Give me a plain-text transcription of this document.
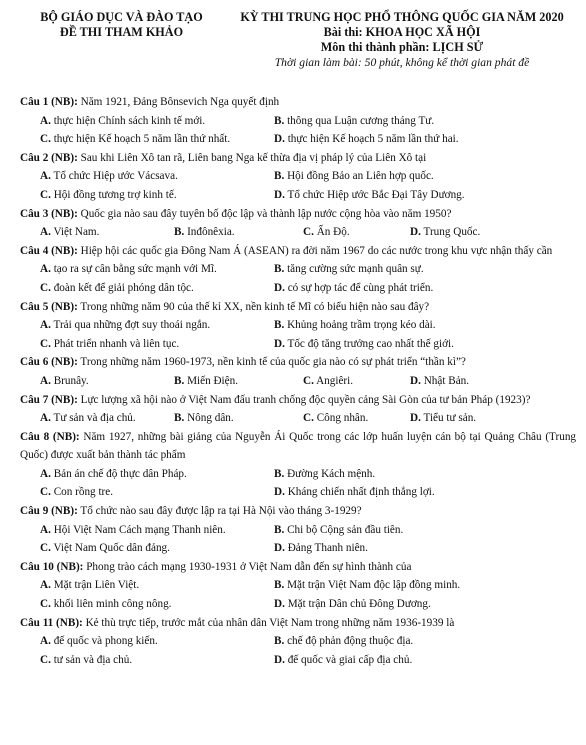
BỘ GIÁO DỤC VÀ ĐÀO TẠO
ĐỀ THI THAM KHẢO
KỲ THI TRUNG HỌC PHỔ THÔNG QUỐC GIA NĂM 2020
Bài thi: KHOA HỌC XÃ HỘI
Môn thi thành phần: LỊCH SỬ
Thời gian làm bài: 50 phút, không kể thời gian phát đề
Câu 1 (NB): Năm 1921, Đảng Bônsevich Nga quyết định
A. thực hiện Chính sách kinh tế mới.	B. thông qua Luận cương tháng Tư.
C. thực hiện Kế hoạch 5 năm lần thứ nhất.	D. thực hiện Kế hoạch 5 năm lần thứ hai.
Câu 2 (NB): Sau khi Liên Xô tan rã, Liên bang Nga kế thừa địa vị pháp lý của Liên Xô tại
A. Tổ chức Hiệp ước Vácsava.	B. Hội đồng Bảo an Liên hợp quốc.
C. Hội đồng tương trợ kinh tế.	D. Tổ chức Hiệp ước Bắc Đại Tây Dương.
Câu 3 (NB): Quốc gia nào sau đây tuyên bố độc lập và thành lập nước cộng hòa vào năm 1950?
A. Việt Nam.	B. Inđônêxia.	C. Ấn Độ.	D. Trung Quốc.
Câu 4 (NB): Hiệp hội các quốc gia Đông Nam Á (ASEAN) ra đời năm 1967 do các nước trong khu vực nhận thấy cần
A. tạo ra sự cân bằng sức mạnh với Mĩ.	B. tăng cường sức mạnh quân sự.
C. đoàn kết để giải phóng dân tộc.	D. có sự hợp tác để cùng phát triển.
Câu 5 (NB): Trong những năm 90 của thế kỉ XX, nền kinh tế Mĩ có biểu hiện nào sau đây?
A. Trải qua những đợt suy thoái ngắn.	B. Khủng hoảng trầm trọng kéo dài.
C. Phát triển nhanh và liên tục.	D. Tốc độ tăng trưởng cao nhất thế giới.
Câu 6 (NB): Trong những năm 1960-1973, nền kinh tế của quốc gia nào có sự phát triển “thần kì”?
A. Brunây.	B. Miến Điện.	C. Angiêri.	D. Nhật Bản.
Câu 7 (NB): Lực lượng xã hội nào ở Việt Nam đấu tranh chống độc quyền cảng Sài Gòn của tư bản Pháp (1923)?
A. Tư sản và địa chủ.	B. Nông dân.	C. Công nhân.	D. Tiểu tư sản.
Câu 8 (NB): Năm 1927, những bài giảng của Nguyễn Ái Quốc trong các lớp huấn luyện cán bộ tại Quảng Châu (Trung Quốc) được xuất bản thành tác phẩm
A. Bản án chế độ thực dân Pháp.	B. Đường Kách mệnh.
C. Con rồng tre.	D. Kháng chiến nhất định thắng lợi.
Câu 9 (NB): Tổ chức nào sau đây được lập ra tại Hà Nội vào tháng 3-1929?
A. Hội Việt Nam Cách mạng Thanh niên.	B. Chi bộ Cộng sản đầu tiên.
C. Việt Nam Quốc dân đảng.	D. Đảng Thanh niên.
Câu 10 (NB): Phong trào cách mạng 1930-1931 ở Việt Nam dẫn đến sự hình thành của
A. Mặt trận Liên Việt.	B. Mặt trận Việt Nam độc lập đồng minh.
C. khối liên minh công nông.	D. Mặt trận Dân chủ Đông Dương.
Câu 11 (NB): Kẻ thù trực tiếp, trước mắt của nhân dân Việt Nam trong những năm 1936-1939 là
A. đế quốc và phong kiến.	B. chế độ phản động thuộc địa.
C. tư sản và địa chủ.	D. đế quốc và giai cấp địa chủ.
